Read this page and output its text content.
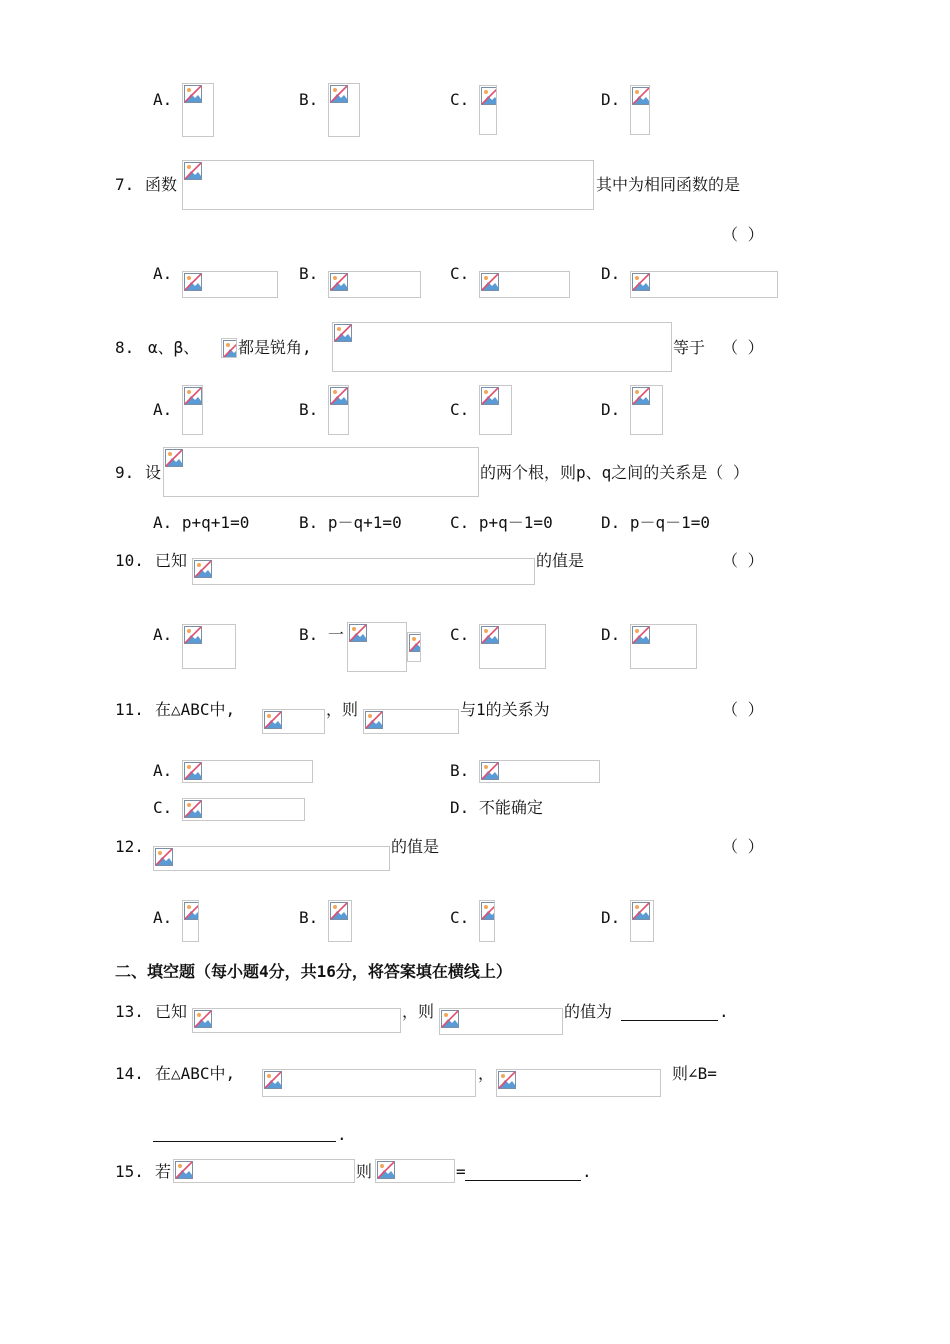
A.	B.	C.	D.
7. 函数	其中为相同函数的是
（ ）
A.	B.	C.	D.
8. α、β、 都是锐角,	等于 （ ）
A.	B.	C.	D.
9. 设	的两个根，则p、q之间的关系是（ ）
A. p+q+1=0	B. p－q+1=0	C. p+q－1=0	D. p－q－1=0
10. 已知	的值是	（ ）
A.	B. 一	C.	D.
11. 在△ABC中,	，则	与1的关系为	（ ）
A.	B.
C.	D. 不能确定
12.	的值是	（ ）
A.	B.	C.	D.
二、填空题（每小题4分，共16分，将答案填在横线上）
13. 已知	，则	的值为	.
14. 在△ABC中,	，	则∠B=
.
15. 若	则	=	.
